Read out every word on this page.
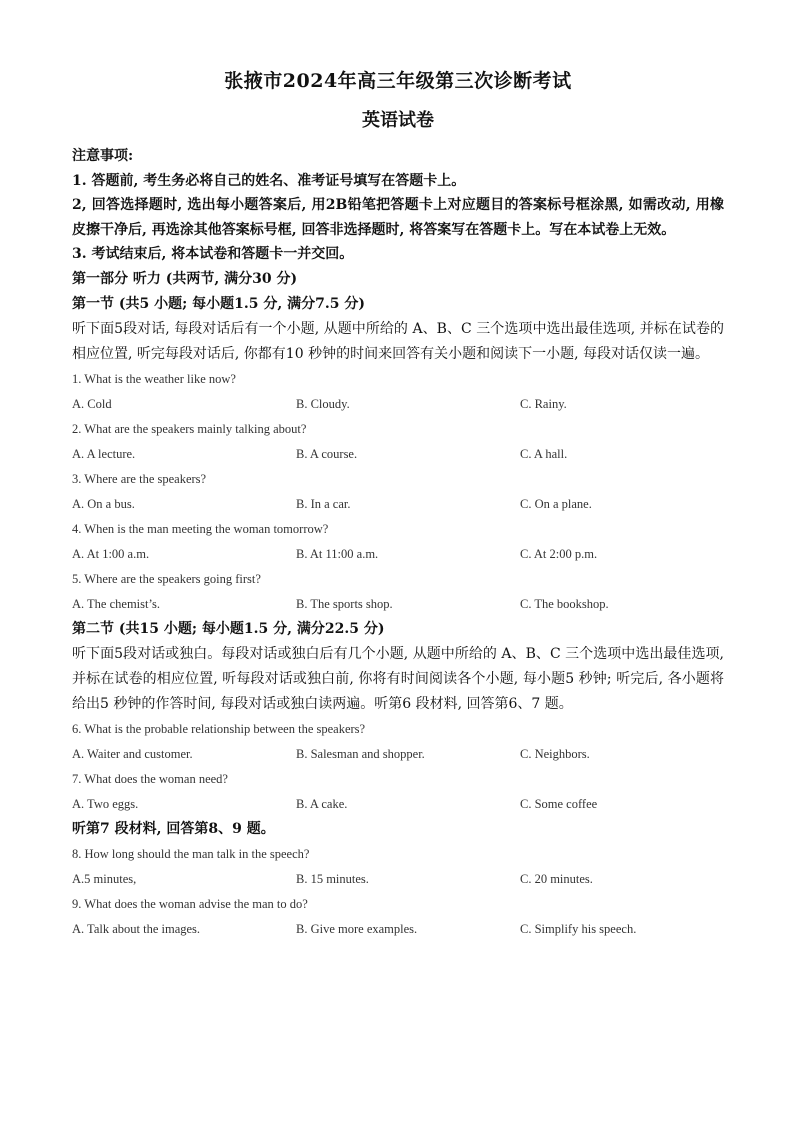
张掖市2024年高三年级第三次诊断考试
英语试卷
注意事项:
1. 答题前, 考生务必将自己的姓名、准考证号填写在答题卡上。
2, 回答选择题时, 选出每小题答案后, 用2B铅笔把答题卡上对应题目的答案标号框涂黑, 如需改动, 用橡皮擦干净后, 再选涂其他答案标号框, 回答非选择题时, 将答案写在答题卡上。写在本试卷上无效。
3. 考试结束后, 将本试卷和答题卡一并交回。
第一部分 听力 (共两节, 满分30 分)
第一节 (共5 小题; 每小题1.5 分, 满分7.5 分)
听下面5段对话, 每段对话后有一个小题, 从题中所给的 A、B、C 三个选项中选出最佳选项, 并标在试卷的相应位置, 听完每段对话后, 你都有10 秒钟的时间来回答有关小题和阅读下一小题, 每段对话仅读一遍。
1. What is the weather like now?
A. Cold	B. Cloudy.	C. Rainy.
2. What are the speakers mainly talking about?
A. A lecture.	B. A course.	C. A hall.
3. Where are the speakers?
A. On a bus.	B. In a car.	C. On a plane.
4. When is the man meeting the woman tomorrow?
A. At 1:00 a.m.	B. At 11:00 a.m.	C. At 2:00 p.m.
5. Where are the speakers going first?
A. The chemist’s.	B. The sports shop.	C. The bookshop.
第二节 (共15 小题; 每小题1.5 分, 满分22.5 分)
听下面5段对话或独白。每段对话或独白后有几个小题, 从题中所给的 A、B、C 三个选项中选出最佳选项, 并标在试卷的相应位置, 听每段对话或独白前, 你将有时间阅读各个小题, 每小题5 秒钟; 听完后, 各小题将给出5 秒钟的作答时间, 每段对话或独白读两遍。听第6 段材料, 回答第6、7 题。
6. What is the probable relationship between the speakers?
A. Waiter and customer.	B. Salesman and shopper.	C. Neighbors.
7. What does the woman need?
A. Two eggs.	B. A cake.	C. Some coffee
听第7 段材料, 回答第8、9 题。
8. How long should the man talk in the speech?
A.5 minutes,	B. 15 minutes.	C. 20 minutes.
9. What does the woman advise the man to do?
A. Talk about the images.	B. Give more examples.	C. Simplify his speech.
